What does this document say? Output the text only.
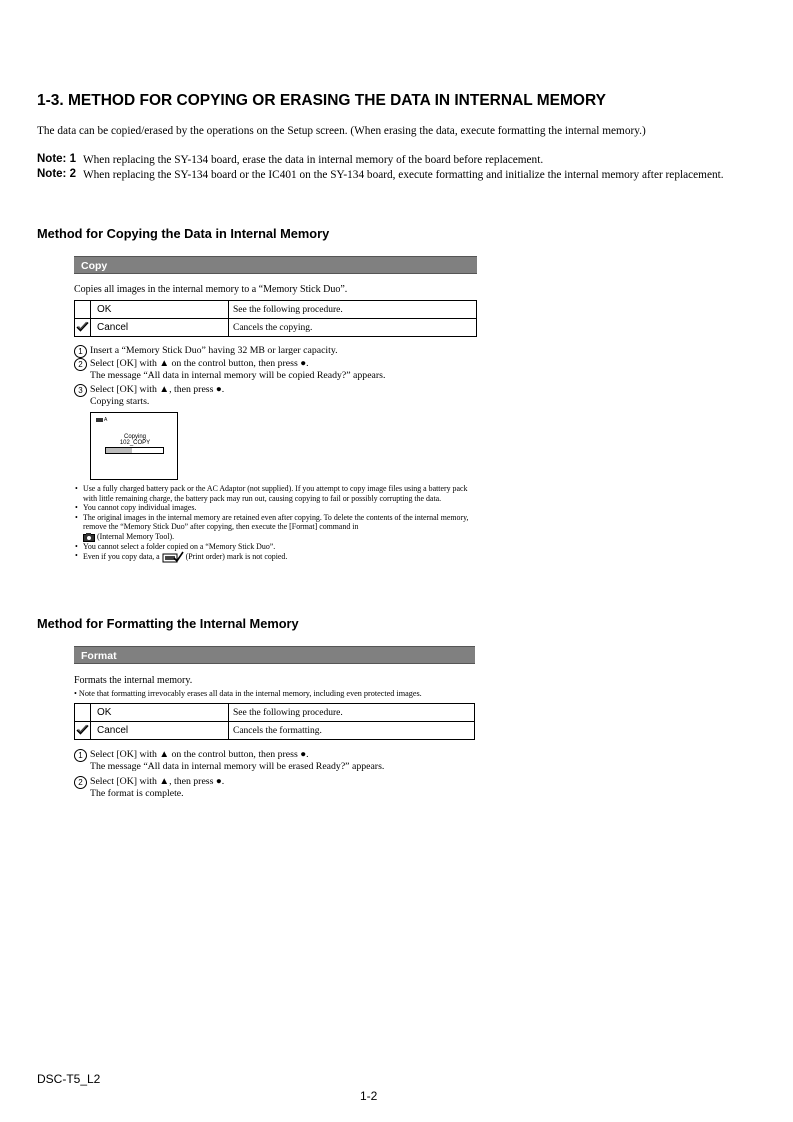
1-3. METHOD FOR COPYING OR ERASING THE DATA IN INTERNAL MEMORY
The data can be copied/erased by the operations on the Setup screen. (When erasing the data, execute formatting the internal memory.)
Note: 1 When replacing the SY-134 board, erase the data in internal memory of the board before replacement.
Note: 2 When replacing the SY-134 board or the IC401 on the SY-134 board, execute formatting and initialize the internal memory after replacement.
Method for Copying the Data in Internal Memory
Copy
Copies all images in the internal memory to a “Memory Stick Duo”.
	OK	See the following procedure.
	Cancel	Cancels the copying.
1 Insert a “Memory Stick Duo” having 32 MB or larger capacity.
2 Select [OK] with ▲ on the control button, then press ●.
The message “All data in internal memory will be copied Ready?” appears.
3 Select [OK] with ▲, then press ●.
Copying starts.
A
Copying
102_COPY
• Use a fully charged battery pack or the AC Adaptor (not supplied). If you attempt to copy image files using a battery pack with little remaining charge, the battery pack may run out, causing copying to fail or possibly corrupting the data.
• You cannot copy individual images.
• The original images in the internal memory are retained even after copying. To delete the contents of the internal memory, remove the “Memory Stick Duo” after copying, then execute the [Format] command in
(Internal Memory Tool).
• You cannot select a folder copied on a “Memory Stick Duo”.
• Even if you copy data, a	(Print order) mark is not copied.
Method for Formatting the Internal Memory
Format
Formats the internal memory.
• Note that formatting irrevocably erases all data in the internal memory, including even protected images.
	OK	See the following procedure.
	Cancel	Cancels the formatting.
1 Select [OK] with ▲ on the control button, then press ●.
The message “All data in internal memory will be erased Ready?” appears.
2 Select [OK] with ▲, then press ●.
The format is complete.
DSC-T5_L2
1-2
